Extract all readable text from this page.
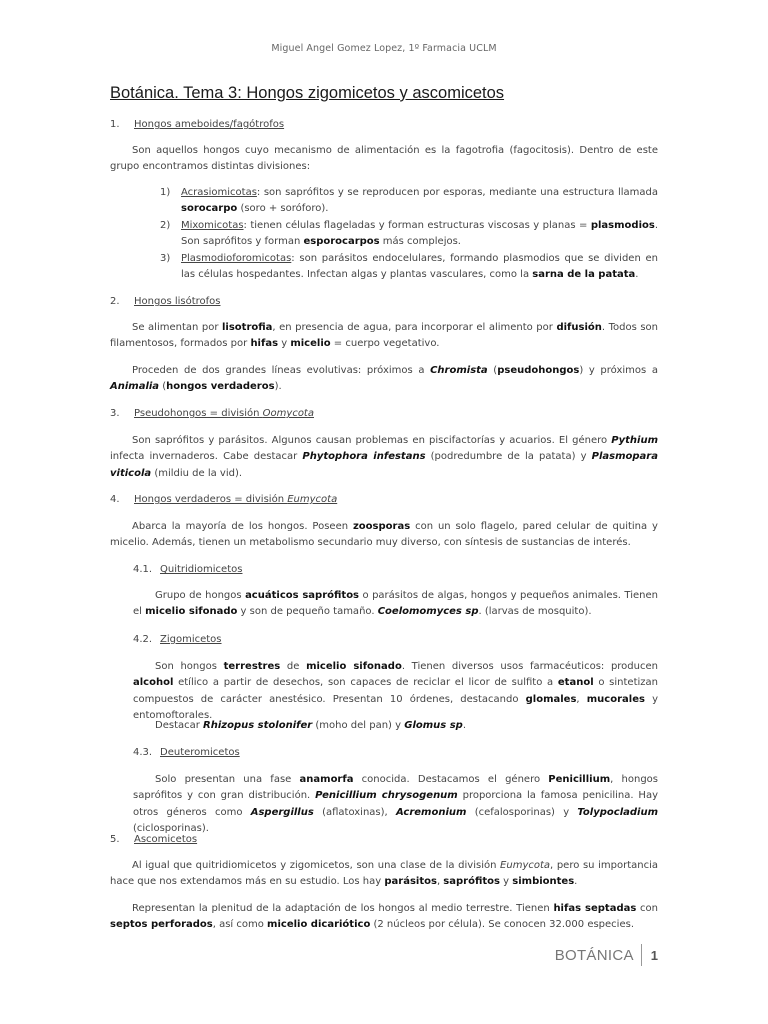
Miguel Angel Gomez Lopez, 1º Farmacia UCLM
Botánica. Tema 3: Hongos zigomicetos y ascomicetos
1.	Hongos ameboides/fagótrofos
Son aquellos hongos cuyo mecanismo de alimentación es la fagotrofia (fagocitosis). Dentro de este grupo encontramos distintas divisiones:
1)	Acrasiomicotas: son saprófitos y se reproducen por esporas, mediante una estructura llamada sorocarpo (soro + soróforo).
2)	Mixomicotas: tienen células flageladas y forman estructuras viscosas y planas = plasmodios. Son saprófitos y forman esporocarpos más complejos.
3)	Plasmodioforomicotas: son parásitos endocelulares, formando plasmodios que se dividen en las células hospedantes. Infectan algas y plantas vasculares, como la sarna de la patata.
2.	Hongos lisótrofos
Se alimentan por lisotrofia, en presencia de agua, para incorporar el alimento por difusión. Todos son filamentosos, formados por hifas y micelio = cuerpo vegetativo.
Proceden de dos grandes líneas evolutivas: próximos a Chromista (pseudohongos) y próximos a Animalia (hongos verdaderos).
3.	Pseudohongos = división Oomycota
Son saprófitos y parásitos. Algunos causan problemas en piscifactorías y acuarios. El género Pythium infecta invernaderos. Cabe destacar Phytophora infestans (podredumbre de la patata) y Plasmopara viticola (mildiu de la vid).
4.	Hongos verdaderos = división Eumycota
Abarca la mayoría de los hongos. Poseen zoosporas con un solo flagelo, pared celular de quitina y micelio. Además, tienen un metabolismo secundario muy diverso, con síntesis de sustancias de interés.
4.1. Quitridiomicetos
Grupo de hongos acuáticos saprófitos o parásitos de algas, hongos y pequeños animales. Tienen el micelio sifonado y son de pequeño tamaño. Coelomomyces sp. (larvas de mosquito).
4.2. Zigomicetos
Son hongos terrestres de micelio sifonado. Tienen diversos usos farmacéuticos: producen alcohol etílico a partir de desechos, son capaces de reciclar el licor de sulfito a etanol o sintetizan compuestos de carácter anestésico. Presentan 10 órdenes, destacando glomales, mucorales y entomoftorales.
Destacar Rhizopus stolonifer (moho del pan) y Glomus sp.
4.3. Deuteromicetos
Solo presentan una fase anamorfa conocida. Destacamos el género Penicillium, hongos saprófitos y con gran distribución. Penicillium chrysogenum proporciona la famosa penicilina. Hay otros géneros como Aspergillus (aflatoxinas), Acremonium (cefalosporinas) y Tolypocladium (ciclosporinas).
5.	Ascomicetos
Al igual que quitridiomicetos y zigomicetos, son una clase de la división Eumycota, pero su importancia hace que nos extendamos más en su estudio. Los hay parásitos, saprófitos y simbiontes.
Representan la plenitud de la adaptación de los hongos al medio terrestre. Tienen hifas septadas con septos perforados, así como micelio dicariótico (2 núcleos por célula). Se conocen 32.000 especies.
BOTÁNICA 1
